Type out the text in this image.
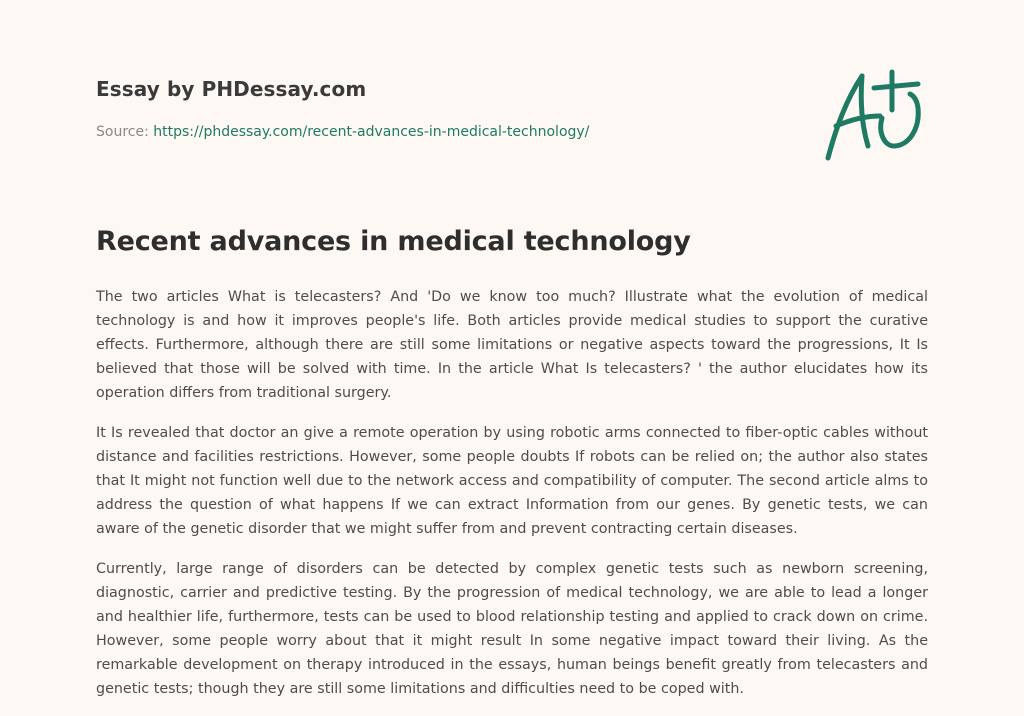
Essay by PHDessay.com
Source: https://phdessay.com/recent-advances-in-medical-technology/
Recent advances in medical technology

The two articles What is telecasters? And 'Do we know too much? Illustrate what the evolution of medical technology is and how it improves people's life. Both articles provide medical studies to support the curative effects. Furthermore, although there are still some limitations or negative aspects toward the progressions, It Is believed that those will be solved with time. In the article What Is telecasters? ' the author elucidates how its operation differs from traditional surgery.

It Is revealed that doctor an give a remote operation by using robotic arms connected to fiber-optic cables without distance and facilities restrictions. However, some people doubts If robots can be relied on; the author also states that It might not function well due to the network access and compatibility of computer. The second article alms to address the question of what happens If we can extract Information from our genes. By genetic tests, we can aware of the genetic disorder that we might suffer from and prevent contracting certain diseases.

Currently, large range of disorders can be detected by complex genetic tests such as newborn screening, diagnostic, carrier and predictive testing. By the progression of medical technology, we are able to lead a longer and healthier life, furthermore, tests can be used to blood relationship testing and applied to crack down on crime. However, some people worry about that it might result In some negative impact toward their living. As the remarkable development on therapy introduced in the essays, human beings benefit greatly from telecasters and genetic tests; though they are still some limitations and difficulties need to be coped with.
